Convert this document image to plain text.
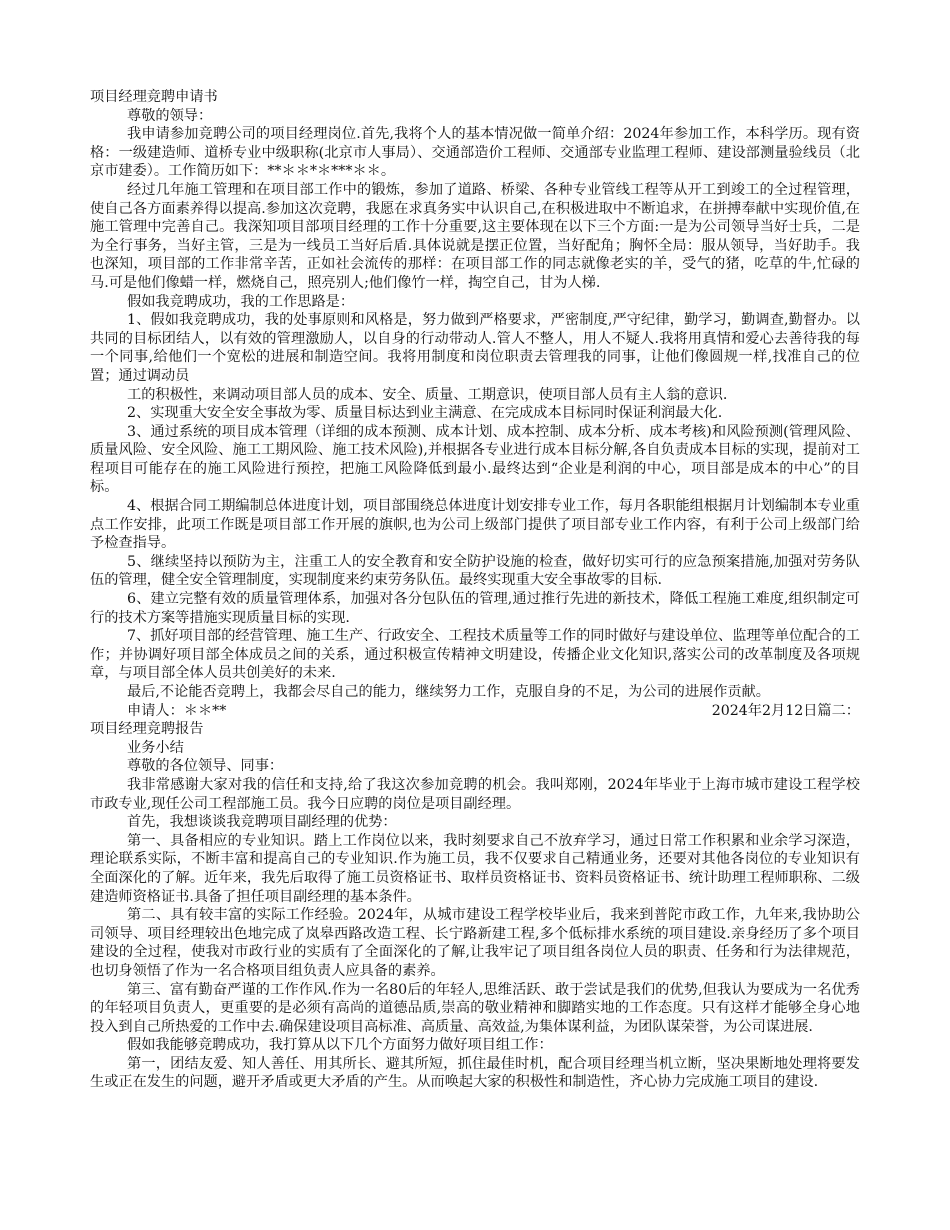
项目经理竞聘申请书

尊敬的领导：

我申请参加竞聘公司的项目经理岗位.首先,我将个人的基本情况做一简单介绍：2024年参加工作，本科学历。现有资格：一级建造师、道桥专业中级职称(北京市人事局）、交通部造价工程师、交通部专业监理工程师、建设部测量验线员（北京市建委）。工作简历如下：**＊＊*＊***＊＊。

经过几年施工管理和在项目部工作中的锻炼，参加了道路、桥梁、各种专业管线工程等从开工到竣工的全过程管理，使自己各方面素养得以提高.参加这次竞聘，我愿在求真务实中认识自己,在积极进取中不断追求，在拼搏奉献中实现价值,在施工管理中完善自己。我深知项目部项目经理的工作十分重要,这主要体现在以下三个方面:一是为公司领导当好士兵，二是为全行事务，当好主管，三是为一线员工当好后盾.具体说就是摆正位置，当好配角；胸怀全局：服从领导，当好助手。我也深知，项目部的工作非常辛苦，正如社会流传的那样：在项目部工作的同志就像老实的羊，受气的猪，吃草的牛,忙碌的马.可是他们像蜡一样，燃烧自己，照亮别人;他们像竹一样，掏空自己，甘为人梯.

假如我竞聘成功，我的工作思路是：

1、假如我竞聘成功，我的处事原则和风格是，努力做到严格要求，严密制度,严守纪律，勤学习，勤调查,勤督办。以共同的目标团结人，以有效的管理激励人，以自身的行动带动人.管人不整人，用人不疑人.我将用真情和爱心去善待我的每一个同事,给他们一个宽松的进展和制造空间。我将用制度和岗位职责去管理我的同事，让他们像圆规一样,找准自己的位置；通过调动员

工的积极性，来调动项目部人员的成本、安全、质量、工期意识，使项目部人员有主人翁的意识.

2、实现重大安全安全事故为零、质量目标达到业主满意、在完成成本目标同时保证利润最大化.

3、通过系统的项目成本管理（详细的成本预测、成本计划、成本控制、成本分析、成本考核)和风险预测(管理风险、质量风险、安全风险、施工工期风险、施工技术风险),并根据各专业进行成本目标分解,各自负责成本目标的实现，提前对工程项目可能存在的施工风险进行预控，把施工风险降低到最小.最终达到“企业是利润的中心，项目部是成本的中心”的目标。

4、根据合同工期编制总体进度计划，项目部围绕总体进度计划安排专业工作，每月各职能组根据月计划编制本专业重点工作安排，此项工作既是项目部工作开展的旗帜,也为公司上级部门提供了项目部专业工作内容，有利于公司上级部门给予检查指导。

5、继续坚持以预防为主，注重工人的安全教育和安全防护设施的检查，做好切实可行的应急预案措施,加强对劳务队伍的管理，健全安全管理制度，实现制度来约束劳务队伍。最终实现重大安全事故零的目标.

6、建立完整有效的质量管理体系，加强对各分包队伍的管理,通过推行先进的新技术，降低工程施工难度,组织制定可行的技术方案等措施实现质量目标的实现.

7、抓好项目部的经营管理、施工生产、行政安全、工程技术质量等工作的同时做好与建设单位、监理等单位配合的工作；并协调好项目部全体成员之间的关系，通过积极宣传精神文明建设，传播企业文化知识,落实公司的改革制度及各项规章，与项目部全体人员共创美好的未来.

最后,不论能否竞聘上，我都会尽自己的能力，继续努力工作，克服自身的不足，为公司的进展作贡献。

申请人：＊＊**	2024年2月12日篇二：

项目经理竞聘报告

业务小结

尊敬的各位领导、同事：

我非常感谢大家对我的信任和支持,给了我这次参加竞聘的机会。我叫郑刚，2024年毕业于上海市城市建设工程学校市政专业,现任公司工程部施工员。我今日应聘的岗位是项目副经理。

首先，我想谈谈我竞聘项目副经理的优势：

第一、具备相应的专业知识。踏上工作岗位以来，我时刻要求自己不放弃学习，通过日常工作积累和业余学习深造，理论联系实际，不断丰富和提高自己的专业知识.作为施工员，我不仅要求自己精通业务，还要对其他各岗位的专业知识有全面深化的了解。近年来，我先后取得了施工员资格证书、取样员资格证书、资料员资格证书、统计助理工程师职称、二级建造师资格证书.具备了担任项目副经理的基本条件。

第二、具有较丰富的实际工作经验。2024年，从城市建设工程学校毕业后，我来到普陀市政工作，九年来,我协助公司领导、项目经理较出色地完成了岚皋西路改造工程、长宁路新建工程,多个低标排水系统的项目建设.亲身经历了多个项目建设的全过程，使我对市政行业的实质有了全面深化的了解,让我牢记了项目组各岗位人员的职责、任务和行为法律规范，也切身领悟了作为一名合格项目组负责人应具备的素养。

第三、富有勤奋严谨的工作作风.作为一名80后的年轻人,思维活跃、敢于尝试是我们的优势,但我认为要成为一名优秀的年轻项目负责人，更重要的是必须有高尚的道德品质,崇高的敬业精神和脚踏实地的工作态度。只有这样才能够全身心地投入到自己所热爱的工作中去.确保建设项目高标准、高质量、高效益,为集体谋利益，为团队谋荣誉，为公司谋进展.

假如我能够竞聘成功，我打算从以下几个方面努力做好项目组工作：

第一，团结友爱、知人善任、用其所长、避其所短，抓住最佳时机，配合项目经理当机立断，坚决果断地处理将要发生或正在发生的问题，避开矛盾或更大矛盾的产生。从而唤起大家的积极性和制造性，齐心协力完成施工项目的建设.
